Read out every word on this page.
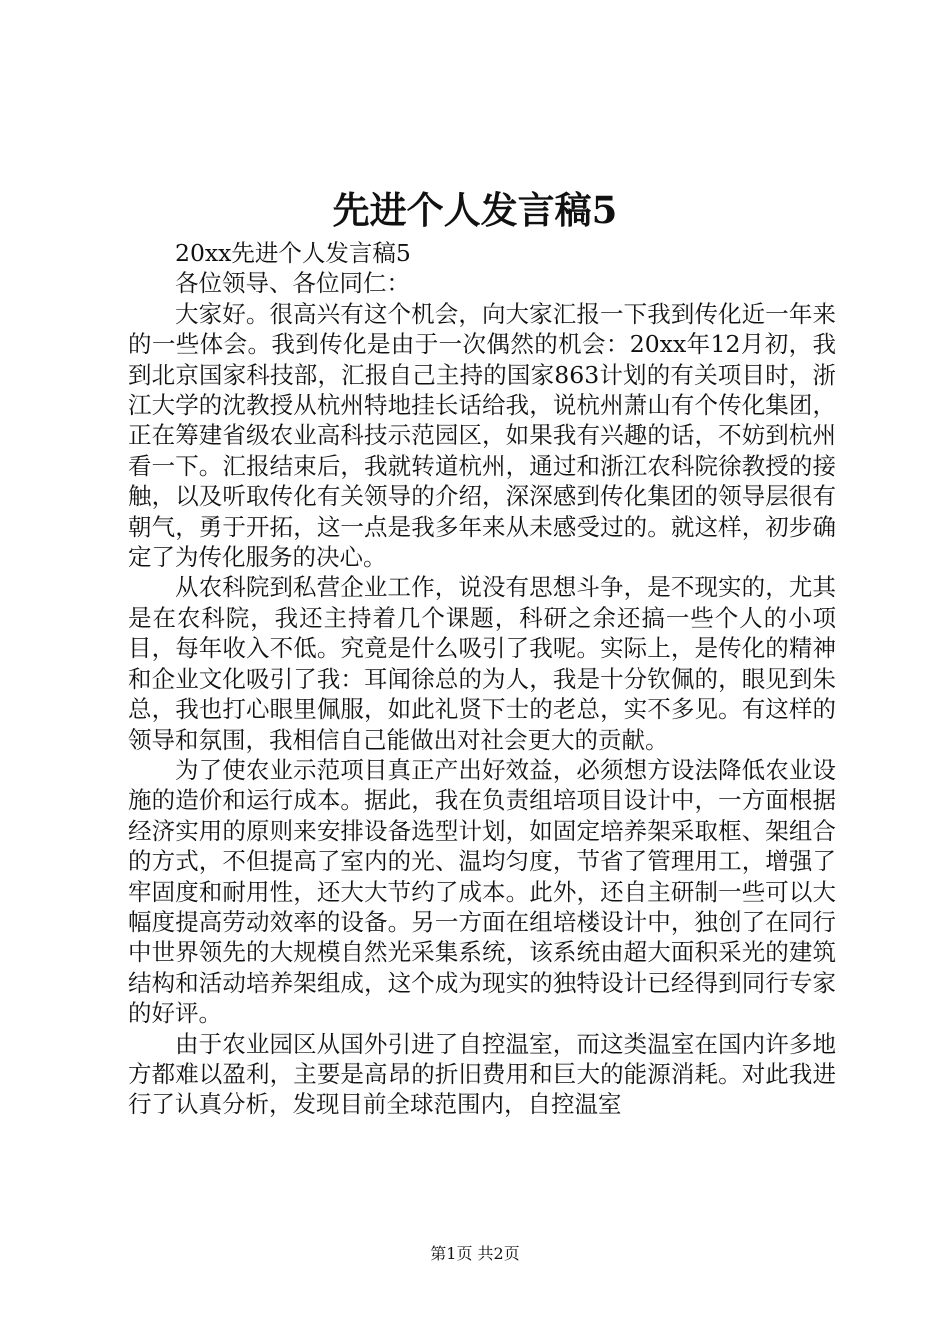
先进个人发言稿5

20xx先进个人发言稿5

各位领导、各位同仁：

大家好。很高兴有这个机会，向大家汇报一下我到传化近一年来的一些体会。我到传化是由于一次偶然的机会：20xx年12月初，我到北京国家科技部，汇报自己主持的国家863计划的有关项目时，浙江大学的沈教授从杭州特地挂长话给我，说杭州萧山有个传化集团，正在筹建省级农业高科技示范园区，如果我有兴趣的话，不妨到杭州看一下。汇报结束后，我就转道杭州，通过和浙江农科院徐教授的接触，以及听取传化有关领导的介绍，深深感到传化集团的领导层很有朝气，勇于开拓，这一点是我多年来从未感受过的。就这样，初步确定了为传化服务的决心。

从农科院到私营企业工作，说没有思想斗争，是不现实的，尤其是在农科院，我还主持着几个课题，科研之余还搞一些个人的小项目，每年收入不低。究竟是什么吸引了我呢。实际上，是传化的精神和企业文化吸引了我：耳闻徐总的为人，我是十分钦佩的，眼见到朱总，我也打心眼里佩服，如此礼贤下士的老总，实不多见。有这样的领导和氛围，我相信自己能做出对社会更大的贡献。

为了使农业示范项目真正产出好效益，必须想方设法降低农业设施的造价和运行成本。据此，我在负责组培项目设计中，一方面根据经济实用的原则来安排设备选型计划，如固定培养架采取框、架组合的方式，不但提高了室内的光、温均匀度，节省了管理用工，增强了牢固度和耐用性，还大大节约了成本。此外，还自主研制一些可以大幅度提高劳动效率的设备。另一方面在组培楼设计中，独创了在同行中世界领先的大规模自然光采集系统，该系统由超大面积采光的建筑结构和活动培养架组成，这个成为现实的独特设计已经得到同行专家的好评。

由于农业园区从国外引进了自控温室，而这类温室在国内许多地方都难以盈利，主要是高昂的折旧费用和巨大的能源消耗。对此我进行了认真分析，发现目前全球范围内，自控温室

第1页 共2页
